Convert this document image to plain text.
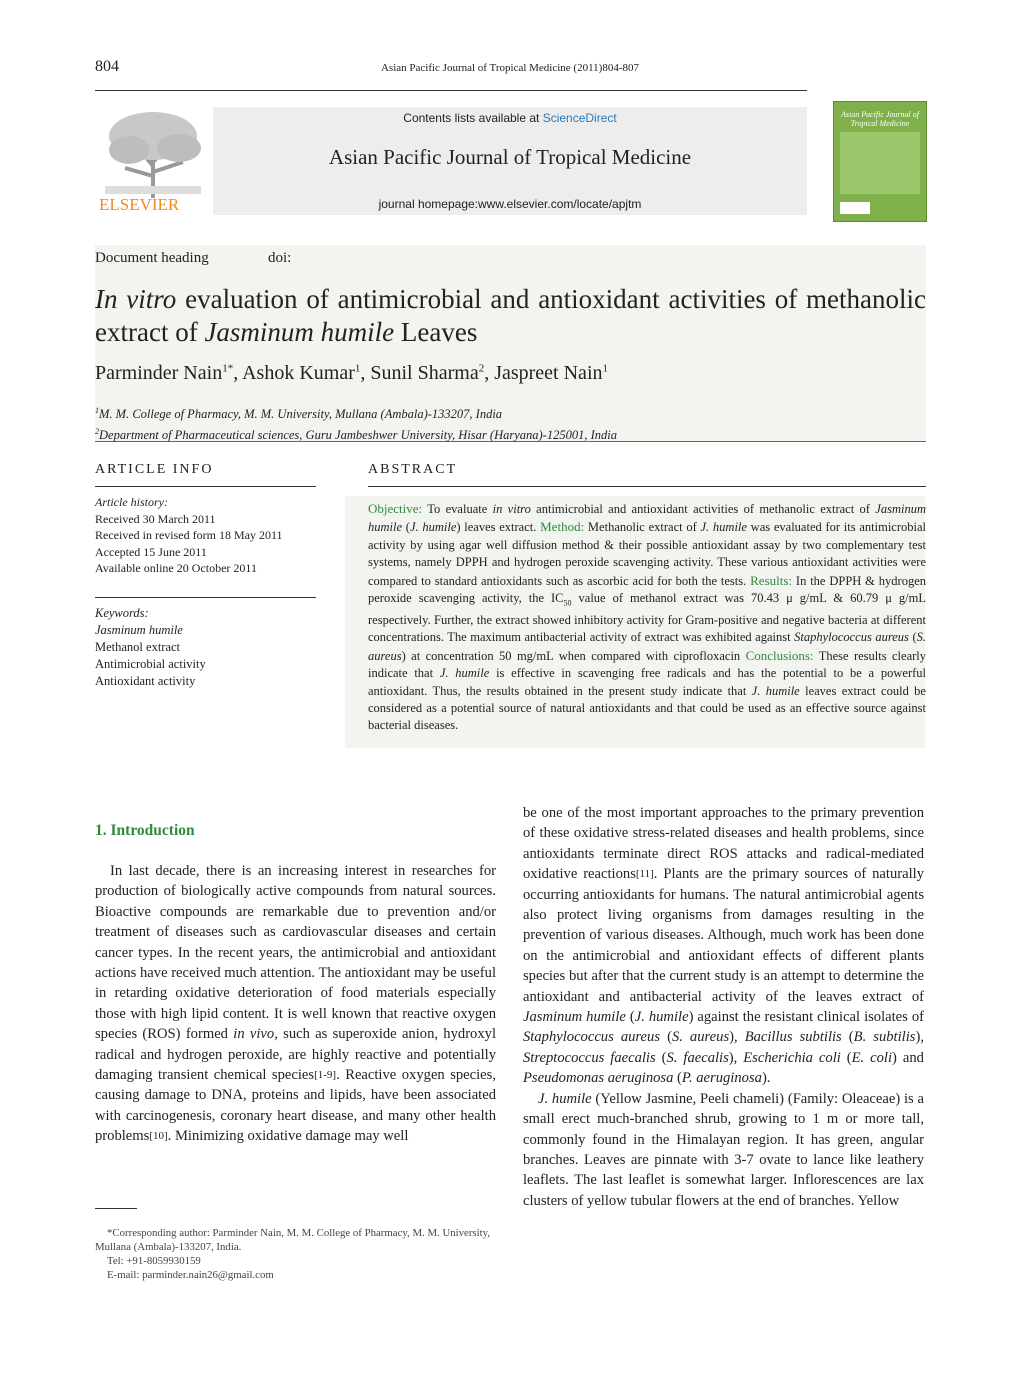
804	Asian Pacific Journal of Tropical Medicine (2011)804-807
ELSEVIER
Contents lists available at ScienceDirect
Asian Pacific Journal of Tropical Medicine
journal homepage:www.elsevier.com/locate/apjtm
Asian Pacific Journal of Tropical Medicine
Document heading	doi:
In vitro evaluation of antimicrobial and antioxidant activities of methanolic extract of Jasminum humile Leaves
Parminder Nain$^{1*}$, Ashok Kumar$^1$, Sunil Sharma$^2$, Jaspreet Nain$^1$
$^1$M. M. College of Pharmacy, M. M. University, Mullana (Ambala)-133207, India
$^2$Department of Pharmaceutical sciences, Guru Jambeshwer University, Hisar (Haryana)-125001, India
ARTICLE INFO	ABSTRACT
Article history:
Received 30 March 2011
Received in revised form 18 May 2011
Accepted 15 June 2011
Available online 20 October 2011
Keywords:
Jasminum humile
Methanol extract
Antimicrobial activity
Antioxidant activity
Objective: To evaluate in vitro antimicrobial and antioxidant activities of methanolic extract of Jasminum humile (J. humile) leaves extract. Method: Methanolic extract of J. humile was evaluated for its antimicrobial activity by using agar well diffusion method & their possible antioxidant assay by two complementary test systems, namely DPPH and hydrogen peroxide scavenging activity. These various antioxidant activities were compared to standard antioxidants such as ascorbic acid for both the tests. Results: In the DPPH & hydrogen peroxide scavenging activity, the $IC_{50}$ value of methanol extract was 70.43 μ g/mL & 60.79 μ g/mL respectively. Further, the extract showed inhibitory activity for Gram-positive and negative bacteria at different concentrations. The maximum antibacterial activity of extract was exhibited against Staphylococcus aureus (S. aureus) at concentration 50 mg/mL when compared with ciprofloxacin Conclusions: These results clearly indicate that J. humile is effective in scavenging free radicals and has the potential to be a powerful antioxidant. Thus, the results obtained in the present study indicate that J. humile leaves extract could be considered as a potential source of natural antioxidants and that could be used as an effective source against bacterial diseases.
1. Introduction

In last decade, there is an increasing interest in researches for production of biologically active compounds from natural sources. Bioactive compounds are remarkable due to prevention and/or treatment of diseases such as cardiovascular diseases and certain cancer types. In the recent years, the antimicrobial and antioxidant actions have received much attention. The antioxidant may be useful in retarding oxidative deterioration of food materials especially those with high lipid content. It is well known that reactive oxygen species (ROS) formed in vivo, such as superoxide anion, hydroxyl radical and hydrogen peroxide, are highly reactive and potentially damaging transient chemical species[1-9]. Reactive oxygen species, causing damage to DNA, proteins and lipids, have been associated with carcinogenesis, coronary heart disease, and many other health problems[10]. Minimizing oxidative damage may well

be one of the most important approaches to the primary prevention of these oxidative stress-related diseases and health problems, since antioxidants terminate direct ROS attacks and radical-mediated oxidative reactions[11]. Plants are the primary sources of naturally occurring antioxidants for humans. The natural antimicrobial agents also protect living organisms from damages resulting in the prevention of various diseases. Although, much work has been done on the antimicrobial and antioxidant effects of different plants species but after that the current study is an attempt to determine the antioxidant and antibacterial activity of the leaves extract of Jasminum humile (J. humile) against the resistant clinical isolates of Staphylococcus aureus (S. aureus), Bacillus subtilis (B. subtilis), Streptococcus faecalis (S. faecalis), Escherichia coli (E. coli) and Pseudomonas aeruginosa (P. aeruginosa).

J. humile (Yellow Jasmine, Peeli chameli) (Family: Oleaceae) is a small erect much-branched shrub, growing to 1 m or more tall, commonly found in the Himalayan region. It has green, angular branches. Leaves are pinnate with 3-7 ovate to lance like leathery leaflets. The last leaflet is somewhat larger. Inflorescences are lax clusters of yellow tubular flowers at the end of branches. Yellow

*Corresponding author: Parminder Nain, M. M. College of Pharmacy, M. M. University, Mullana (Ambala)-133207, India.
Tel: +91-8059930159
E-mail: parminder.nain26@gmail.com
